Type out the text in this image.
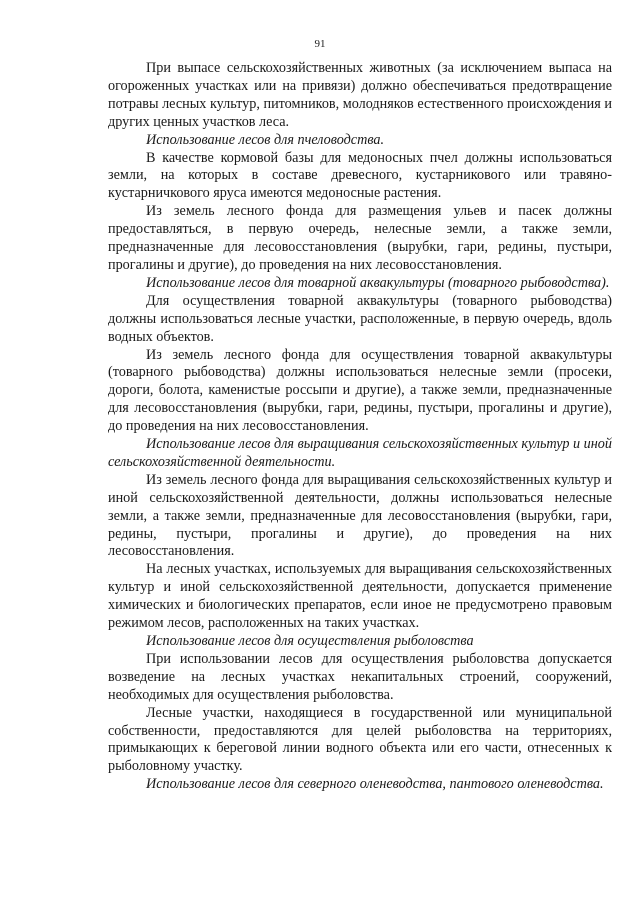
91

При выпасе сельскохозяйственных животных (за исключением выпаса на огороженных участках или на привязи) должно обеспечиваться предотвращение потравы лесных культур, питомников, молодняков естественного происхождения и других ценных участков леса.

Использование лесов для пчеловодства.

В качестве кормовой базы для медоносных пчел должны использоваться земли, на которых в составе древесного, кустарникового или травяно-кустарничкового яруса имеются медоносные растения.

Из земель лесного фонда для размещения ульев и пасек должны предоставляться, в первую очередь, нелесные земли, а также земли, предназначенные для лесовосстановления (вырубки, гари, редины, пустыри, прогалины и другие), до проведения на них лесовосстановления.

Использование лесов для товарной аквакультуры (товарного рыбоводства).

Для осуществления товарной аквакультуры (товарного рыбоводства) должны использоваться лесные участки, расположенные, в первую очередь, вдоль водных объектов.

Из земель лесного фонда для осуществления товарной аквакультуры (товарного рыбоводства) должны использоваться нелесные земли (просеки, дороги, болота, каменистые россыпи и другие), а также земли, предназначенные для лесовосстановления (вырубки, гари, редины, пустыри, прогалины и другие), до проведения на них лесовосстановления.

Использование лесов для выращивания сельскохозяйственных культур и иной сельскохозяйственной деятельности.

Из земель лесного фонда для выращивания сельскохозяйственных культур и иной сельскохозяйственной деятельности, должны использоваться нелесные земли, а также земли, предназначенные для лесовосстановления (вырубки, гари, редины, пустыри, прогалины и другие), до проведения на них лесовосстановления.

На лесных участках, используемых для выращивания сельскохозяйственных культур и иной сельскохозяйственной деятельности, допускается применение химических и биологических препаратов, если иное не предусмотрено правовым режимом лесов, расположенных на таких участках.

Использование лесов для осуществления рыболовства

При использовании лесов для осуществления рыболовства допускается возведение на лесных участках некапитальных строений, сооружений, необходимых для осуществления рыболовства.

Лесные участки, находящиеся в государственной или муниципальной собственности, предоставляются для целей рыболовства на территориях, примыкающих к береговой линии водного объекта или его части, отнесенных к рыболовному участку.

Использование лесов для северного оленеводства, пантового оленеводства.
